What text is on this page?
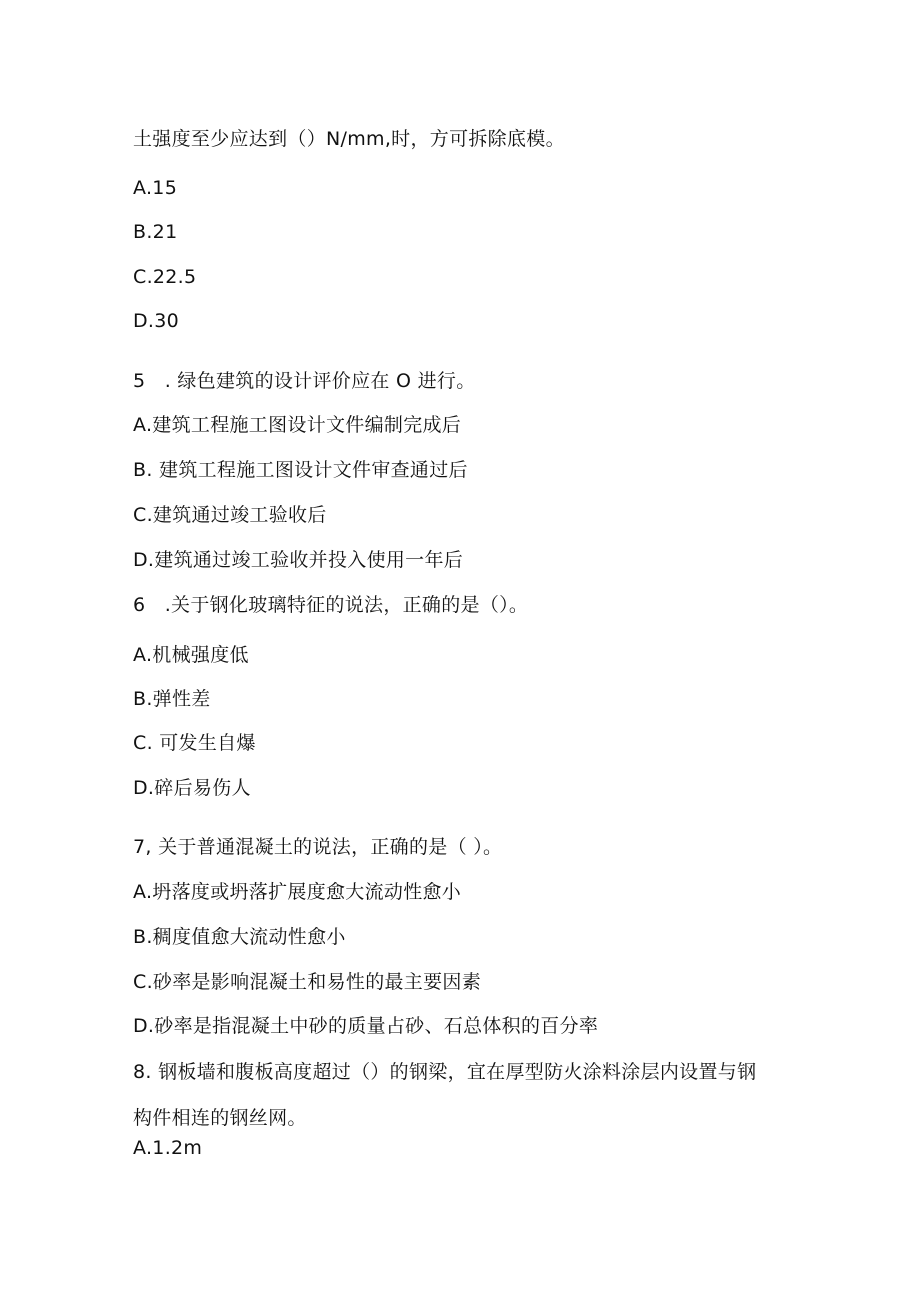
土强度至少应达到（）N/mm,时，方可拆除底模。
A.15
B.21
C.22.5
D.30
5　. 绿色建筑的设计评价应在 O 进行。
A.建筑工程施工图设计文件编制完成后
B. 建筑工程施工图设计文件审查通过后
C.建筑通过竣工验收后
D.建筑通过竣工验收并投入使用一年后
6　.关于钢化玻璃特征的说法，正确的是（）。
A.机械强度低
B.弹性差
C. 可发生自爆
D.碎后易伤人
7, 关于普通混凝土的说法，正确的是（ ）。
A.坍落度或坍落扩展度愈大流动性愈小
B.稠度值愈大流动性愈小
C.砂率是影响混凝土和易性的最主要因素
D.砂率是指混凝土中砂的质量占砂、石总体积的百分率
8. 钢板墙和腹板高度超过（）的钢梁，宜在厚型防火涂料涂层内设置与钢
构件相连的钢丝网。
A.1.2m
